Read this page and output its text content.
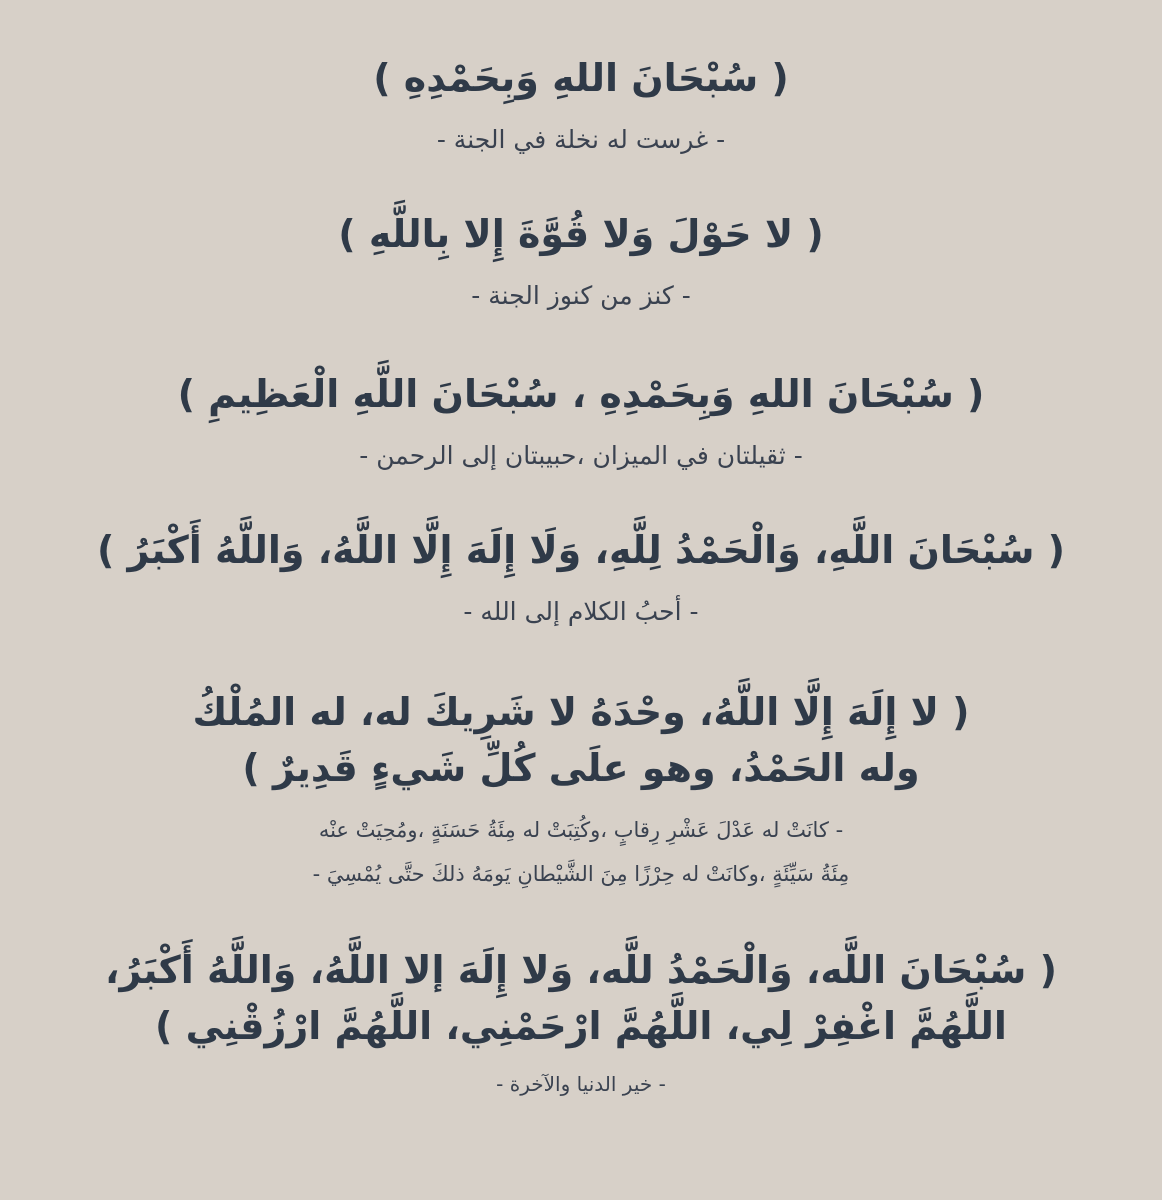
( سُبْحَانَ اللهِ وَبِحَمْدِهِ )

- غرست له نخلة في الجنة -

( لا حَوْلَ وَلا قُوَّةَ إِلا بِاللَّهِ )

- كنز من كنوز الجنة -

( سُبْحَانَ اللهِ وَبِحَمْدِهِ ، سُبْحَانَ اللَّهِ الْعَظِيمِ )

- ثقيلتان في الميزان ،حبيبتان إلى الرحمن -

( سُبْحَانَ اللَّهِ، وَالْحَمْدُ لِلَّهِ، وَلَا إِلَهَ إِلَّا اللَّهُ، وَاللَّهُ أَكْبَرُ )

- أحبُ الكلام إلى الله -

( لا إِلَهَ إِلَّا اللَّهُ، وحْدَهُ لا شَرِيكَ له، له المُلْكُ

وله الحَمْدُ، وهو علَى كُلِّ شَيءٍ قَدِيرٌ )

- كانَتْ له عَدْلَ عَشْرِ رِقابٍ ،وكُتِبَتْ له مِئَةُ حَسَنَةٍ ،ومُحِيَتْ عنْه

مِئَةُ سَيِّئَةٍ ،وكانَتْ له حِرْزًا مِنَ الشَّيْطانِ يَومَهُ ذلكَ حتَّى يُمْسِيَ -

( سُبْحَانَ اللَّه، وَالْحَمْدُ للَّه، وَلا إِلَهَ إلا اللَّهُ، وَاللَّهُ أَكْبَرُ،

اللَّهُمَّ اغْفِرْ لِي، اللَّهُمَّ ارْحَمْنِي، اللَّهُمَّ ارْزُقْنِي )

- خير الدنيا والآخرة -
